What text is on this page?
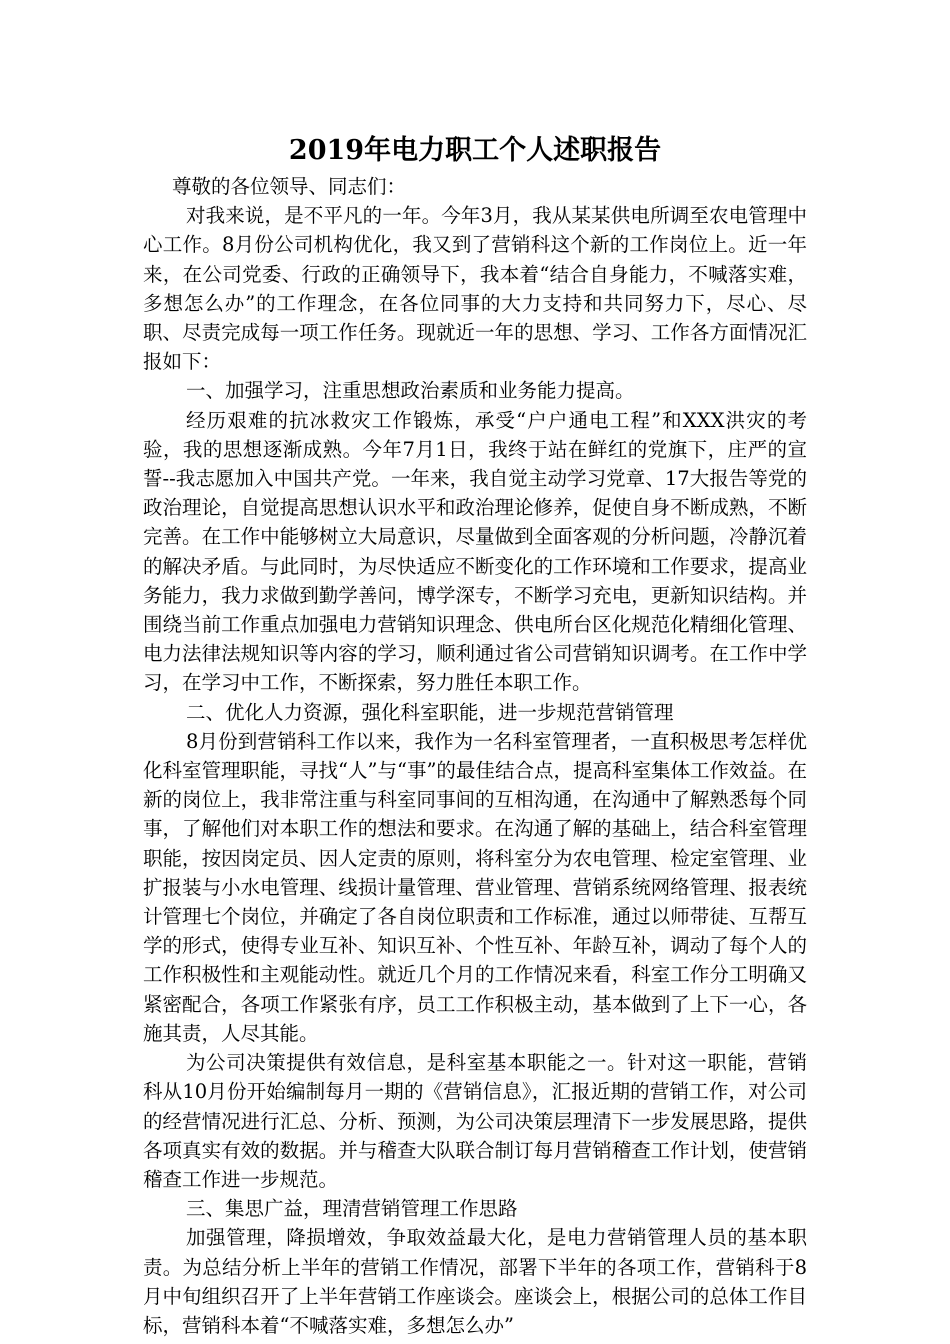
2019年电力职工个人述职报告

尊敬的各位领导、同志们：

对我来说，是不平凡的一年。今年3月，我从某某供电所调至农电管理中心工作。8月份公司机构优化，我又到了营销科这个新的工作岗位上。近一年来，在公司党委、行政的正确领导下，我本着“结合自身能力，不喊落实难，多想怎么办”的工作理念，在各位同事的大力支持和共同努力下，尽心、尽职、尽责完成每一项工作任务。现就近一年的思想、学习、工作各方面情况汇报如下：

一、加强学习，注重思想政治素质和业务能力提高。

经历艰难的抗冰救灾工作锻炼，承受“户户通电工程”和XXX洪灾的考验，我的思想逐渐成熟。今年7月1日，我终于站在鲜红的党旗下，庄严的宣誓--我志愿加入中国共产党。一年来，我自觉主动学习党章、17大报告等党的政治理论，自觉提高思想认识水平和政治理论修养，促使自身不断成熟，不断完善。在工作中能够树立大局意识，尽量做到全面客观的分析问题，冷静沉着的解决矛盾。与此同时，为尽快适应不断变化的工作环境和工作要求，提高业务能力，我力求做到勤学善问，博学深专，不断学习充电，更新知识结构。并围绕当前工作重点加强电力营销知识理念、供电所台区化规范化精细化管理、电力法律法规知识等内容的学习，顺利通过省公司营销知识调考。在工作中学习，在学习中工作，不断探索，努力胜任本职工作。

二、优化人力资源，强化科室职能，进一步规范营销管理

8月份到营销科工作以来，我作为一名科室管理者，一直积极思考怎样优化科室管理职能，寻找“人”与“事”的最佳结合点，提高科室集体工作效益。在新的岗位上，我非常注重与科室同事间的互相沟通，在沟通中了解熟悉每个同事，了解他们对本职工作的想法和要求。在沟通了解的基础上，结合科室管理职能，按因岗定员、因人定责的原则，将科室分为农电管理、检定室管理、业扩报装与小水电管理、线损计量管理、营业管理、营销系统网络管理、报表统计管理七个岗位，并确定了各自岗位职责和工作标准，通过以师带徒、互帮互学的形式，使得专业互补、知识互补、个性互补、年龄互补，调动了每个人的工作积极性和主观能动性。就近几个月的工作情况来看，科室工作分工明确又紧密配合，各项工作紧张有序，员工工作积极主动，基本做到了上下一心，各施其责，人尽其能。

为公司决策提供有效信息，是科室基本职能之一。针对这一职能，营销科从10月份开始编制每月一期的《营销信息》，汇报近期的营销工作，对公司的经营情况进行汇总、分析、预测，为公司决策层理清下一步发展思路，提供各项真实有效的数据。并与稽查大队联合制订每月营销稽查工作计划，使营销稽查工作进一步规范。

三、集思广益，理清营销管理工作思路

加强管理，降损增效，争取效益最大化，是电力营销管理人员的基本职责。为总结分析上半年的营销工作情况，部署下半年的各项工作，营销科于8月中旬组织召开了上半年营销工作座谈会。座谈会上，根据公司的总体工作目标，营销科本着“不喊落实难，多想怎么办”
